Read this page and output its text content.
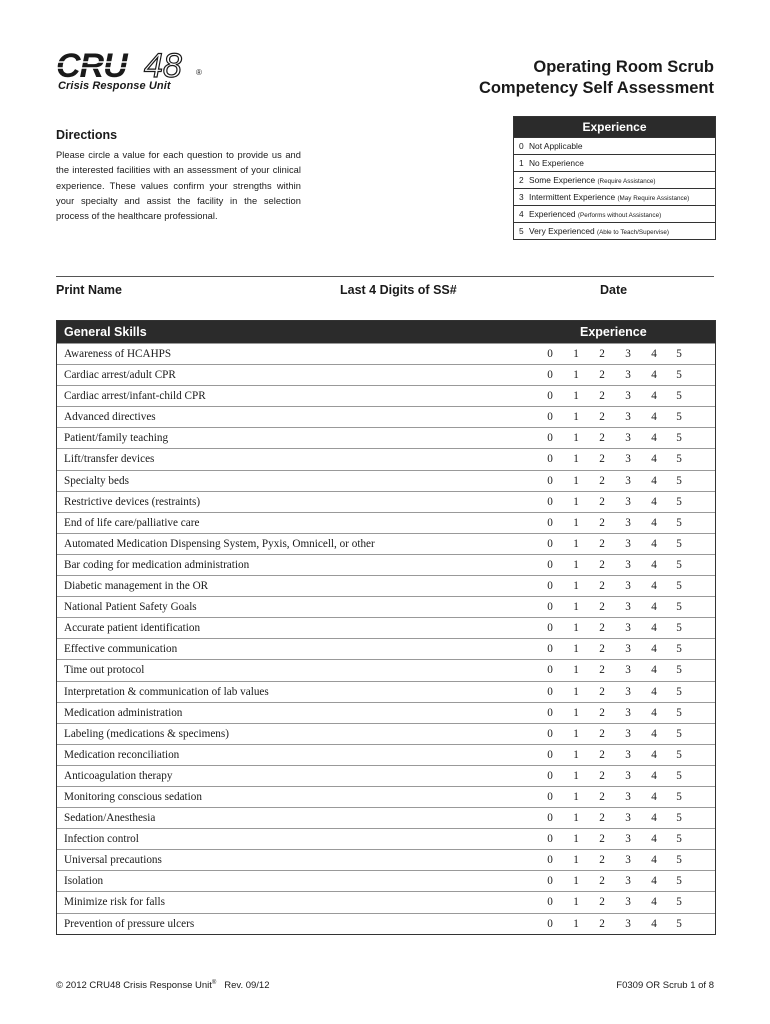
CRU 48 ®
Crisis Response Unit
Operating Room Scrub
Competency Self Assessment
Directions

Please circle a value for each question to provide us and the interested facilities with an assessment of your clinical experience. These values confirm your strengths within your specialty and assist the facility in the selection process of the healthcare professional.

Experience
0 Not Applicable
1 No Experience
2 Some Experience (Require Assistance)
3 Intermittent Experience (May Require Assistance)
4 Experienced (Performs without Assistance)
5 Very Experienced (Able to Teach/Supervise)
Print Name	Last 4 Digits of SS#	Date
General Skills	Experience
Awareness of HCAHPS	0	1	2	3	4	5
Cardiac arrest/adult CPR	0	1	2	3	4	5
Cardiac arrest/infant-child CPR	0	1	2	3	4	5
Advanced directives	0	1	2	3	4	5
Patient/family teaching	0	1	2	3	4	5
Lift/transfer devices	0	1	2	3	4	5
Specialty beds	0	1	2	3	4	5
Restrictive devices (restraints)	0	1	2	3	4	5
End of life care/palliative care	0	1	2	3	4	5
Automated Medication Dispensing System, Pyxis, Omnicell, or other	0	1	2	3	4	5
Bar coding for medication administration	0	1	2	3	4	5
Diabetic management in the OR	0	1	2	3	4	5
National Patient Safety Goals	0	1	2	3	4	5
Accurate patient identification	0	1	2	3	4	5
Effective communication	0	1	2	3	4	5
Time out protocol	0	1	2	3	4	5
Interpretation & communication of lab values	0	1	2	3	4	5
Medication administration	0	1	2	3	4	5
Labeling (medications & specimens)	0	1	2	3	4	5
Medication reconciliation	0	1	2	3	4	5
Anticoagulation therapy	0	1	2	3	4	5
Monitoring conscious sedation	0	1	2	3	4	5
Sedation/Anesthesia	0	1	2	3	4	5
Infection control	0	1	2	3	4	5
Universal precautions	0	1	2	3	4	5
Isolation	0	1	2	3	4	5
Minimize risk for falls	0	1	2	3	4	5
Prevention of pressure ulcers	0	1	2	3	4	5
© 2012 CRU48 Crisis Response Unit® Rev. 09/12	F0309 OR Scrub 1 of 8
